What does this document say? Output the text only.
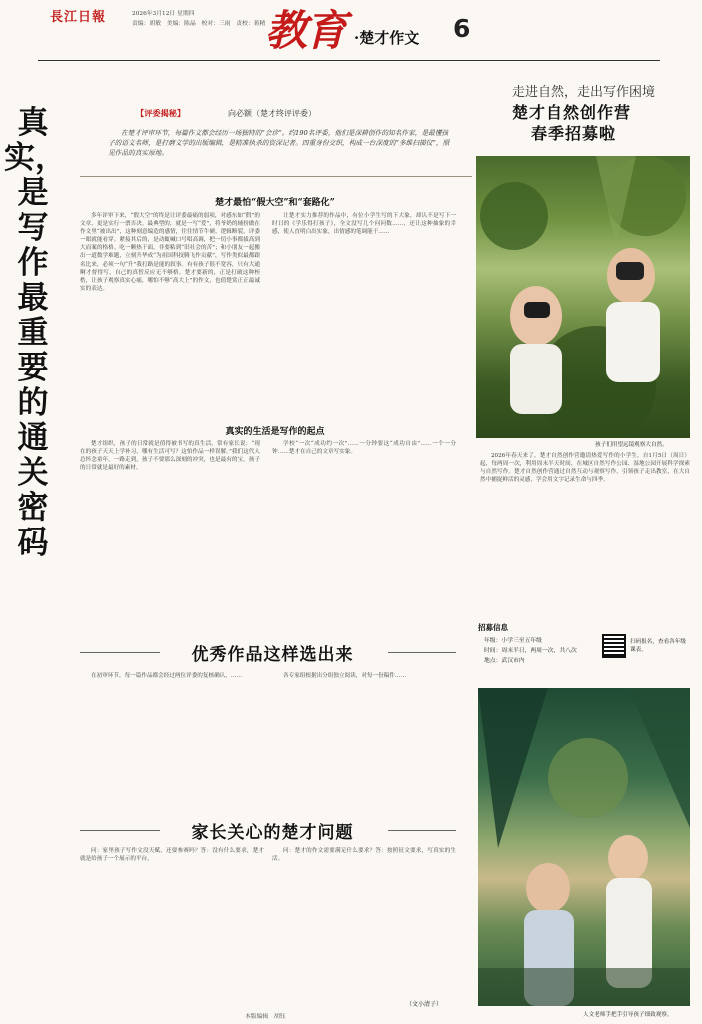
長江日報	2026年3月12日 星期四
责编：胡敏　美编：陈晶　校对：三雨　责校：蒋精 教育 ·楚才作文 6
真实，是写作最重要的通关密码
【评委揭秘】	向必额（楚才终评评委）
在楚才评审环节，每篇作文都会经历一场独特的“会诊”。约190名评委，他们是深耕创作的知名作家，是最懂孩子的语文名师，是打磨文学的出版编辑，是精准执杀的资深记者。四重身份交织，构成一台深度的“多维扫描仪”，照见作品的真实原地。
楚才最怕“假大空”和“套路化”
多年评审下来，“假大空”的终是让评委最痛的弱项，对感东如“假”的文章，更是实行一票否决。最典型的，就是一写“爱”，将爷奶的辅扮做在作文里“被出出”，这种刻意编造的感情，往往情节牛硬、逻辑断裂，评委一眼就能看穿。紧接其后的，是动辄喊口号唱高调，把一切小事都拔高到大而案的格格。吃一颗热干面，非要粘到“旧社会的苦”；和小朋友一起搬出一道数学难题，立刻升华成“为祖国科技腾飞作贡献”，写作类似最都跟名比来，必须一句“升”我打路是能的叙事。有有孩子很不宽容，只有大通啊才督得写，自己的真智反应无不够格。楚才要新的，正是打破这种桎梏，让孩子观察真实心痛，哪怕不够“高大上”的作文，也值楚赏正正最诚实的表达。
让楚才实力推荐的作品中，有位小学生写的下大象，却认不是写下一时日的《学乐得打孩子》，全文没写几个问问数……，还让这种抽象的幸感，使人直明白出实象，出情感的笔调能于……
真实的生活是写作的起点
楚才组织，孩子的日常就是值得被书写的真生活。常有家长说：“现在的孩子天天上学补习，哪有生活可写？这怕作品一样误解。”我们这代人总怀念童年，一路走到，孩子不要那么深刻的冲突，也是最有的宝，孩子的日常就是最好的素材。
学校“一次“成功约一次”……一分钟要这“成功自由”……一个一分钟……楚才在自己的文章写实象。
优秀作品这样选出来
在初审环节，每一篇作品都会经过两位评委的复核确认，……	各专家组根据出分组独立阅读，对每一份稿件……
家长关心的楚才问题
问：家里孩子写作文没天赋，还要参赛吗？答：没有什么要求，楚才就是给孩子一个展示的平台。
问：楚才的作文需要满足什么要求？答：按照征文要求，写真实的生活。
（文小清子）
走进自然，走出写作困境
楚才自然创作营
春季招募啦
孩子们用望远镜观察大自然。
2026年春天来了，楚才自然创作营邀请热爱写作的小学生，自1月5日（周日）起，每两周一次，利用周末半天时间，在城区自然写作公园、湿地公园开展科学探索与自然写作。楚才自然创作营通过自然互动与观察写作，引领孩子走出教室，在大自然中捕捉鲜活的灵感，学会用文字记录生命与四季。
招募信息
年级：小学三至五年级
时间：周末半日，两周一次，共八次
地点：武汉市内
扫码报名，查看各年级课表。
人文老师手把手引导孩子细致观察。
本版编辑　胡钰
